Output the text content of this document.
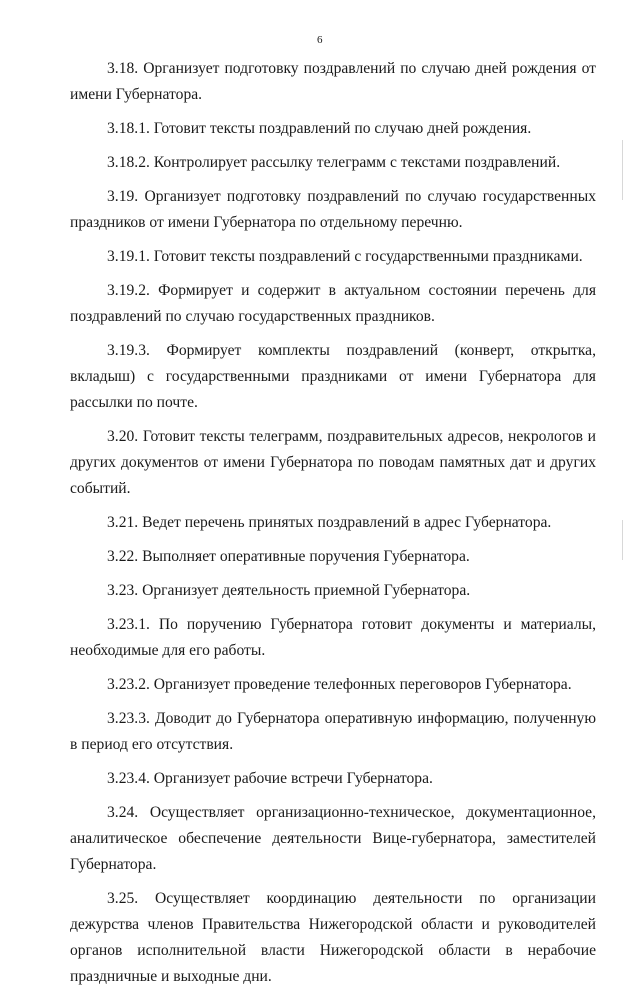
6

3.18. Организует подготовку поздравлений по случаю дней рождения от имени Губернатора.

3.18.1. Готовит тексты поздравлений по случаю дней рождения.

3.18.2. Контролирует рассылку телеграмм с текстами поздравлений.

3.19. Организует подготовку поздравлений по случаю государственных праздников от имени Губернатора по отдельному перечню.

3.19.1. Готовит тексты поздравлений с государственными праздниками.

3.19.2. Формирует и содержит в актуальном состоянии перечень для поздравлений по случаю государственных праздников.

3.19.3. Формирует комплекты поздравлений (конверт, открытка, вкладыш) с государственными праздниками от имени Губернатора для рассылки по почте.

3.20. Готовит тексты телеграмм, поздравительных адресов, некрологов и других документов от имени Губернатора по поводам памятных дат и других событий.

3.21. Ведет перечень принятых поздравлений в адрес Губернатора.

3.22. Выполняет оперативные поручения Губернатора.

3.23. Организует деятельность приемной Губернатора.

3.23.1. По поручению Губернатора готовит документы и материалы, необходимые для его работы.

3.23.2. Организует проведение телефонных переговоров Губернатора.

3.23.3. Доводит до Губернатора оперативную информацию, полученную в период его отсутствия.

3.23.4. Организует рабочие встречи Губернатора.

3.24. Осуществляет организационно-техническое, документационное, аналитическое обеспечение деятельности Вице-губернатора, заместителей Губернатора.

3.25. Осуществляет координацию деятельности по организации дежурства членов Правительства Нижегородской области и руководителей органов исполнительной власти Нижегородской области в нерабочие праздничные и выходные дни.
